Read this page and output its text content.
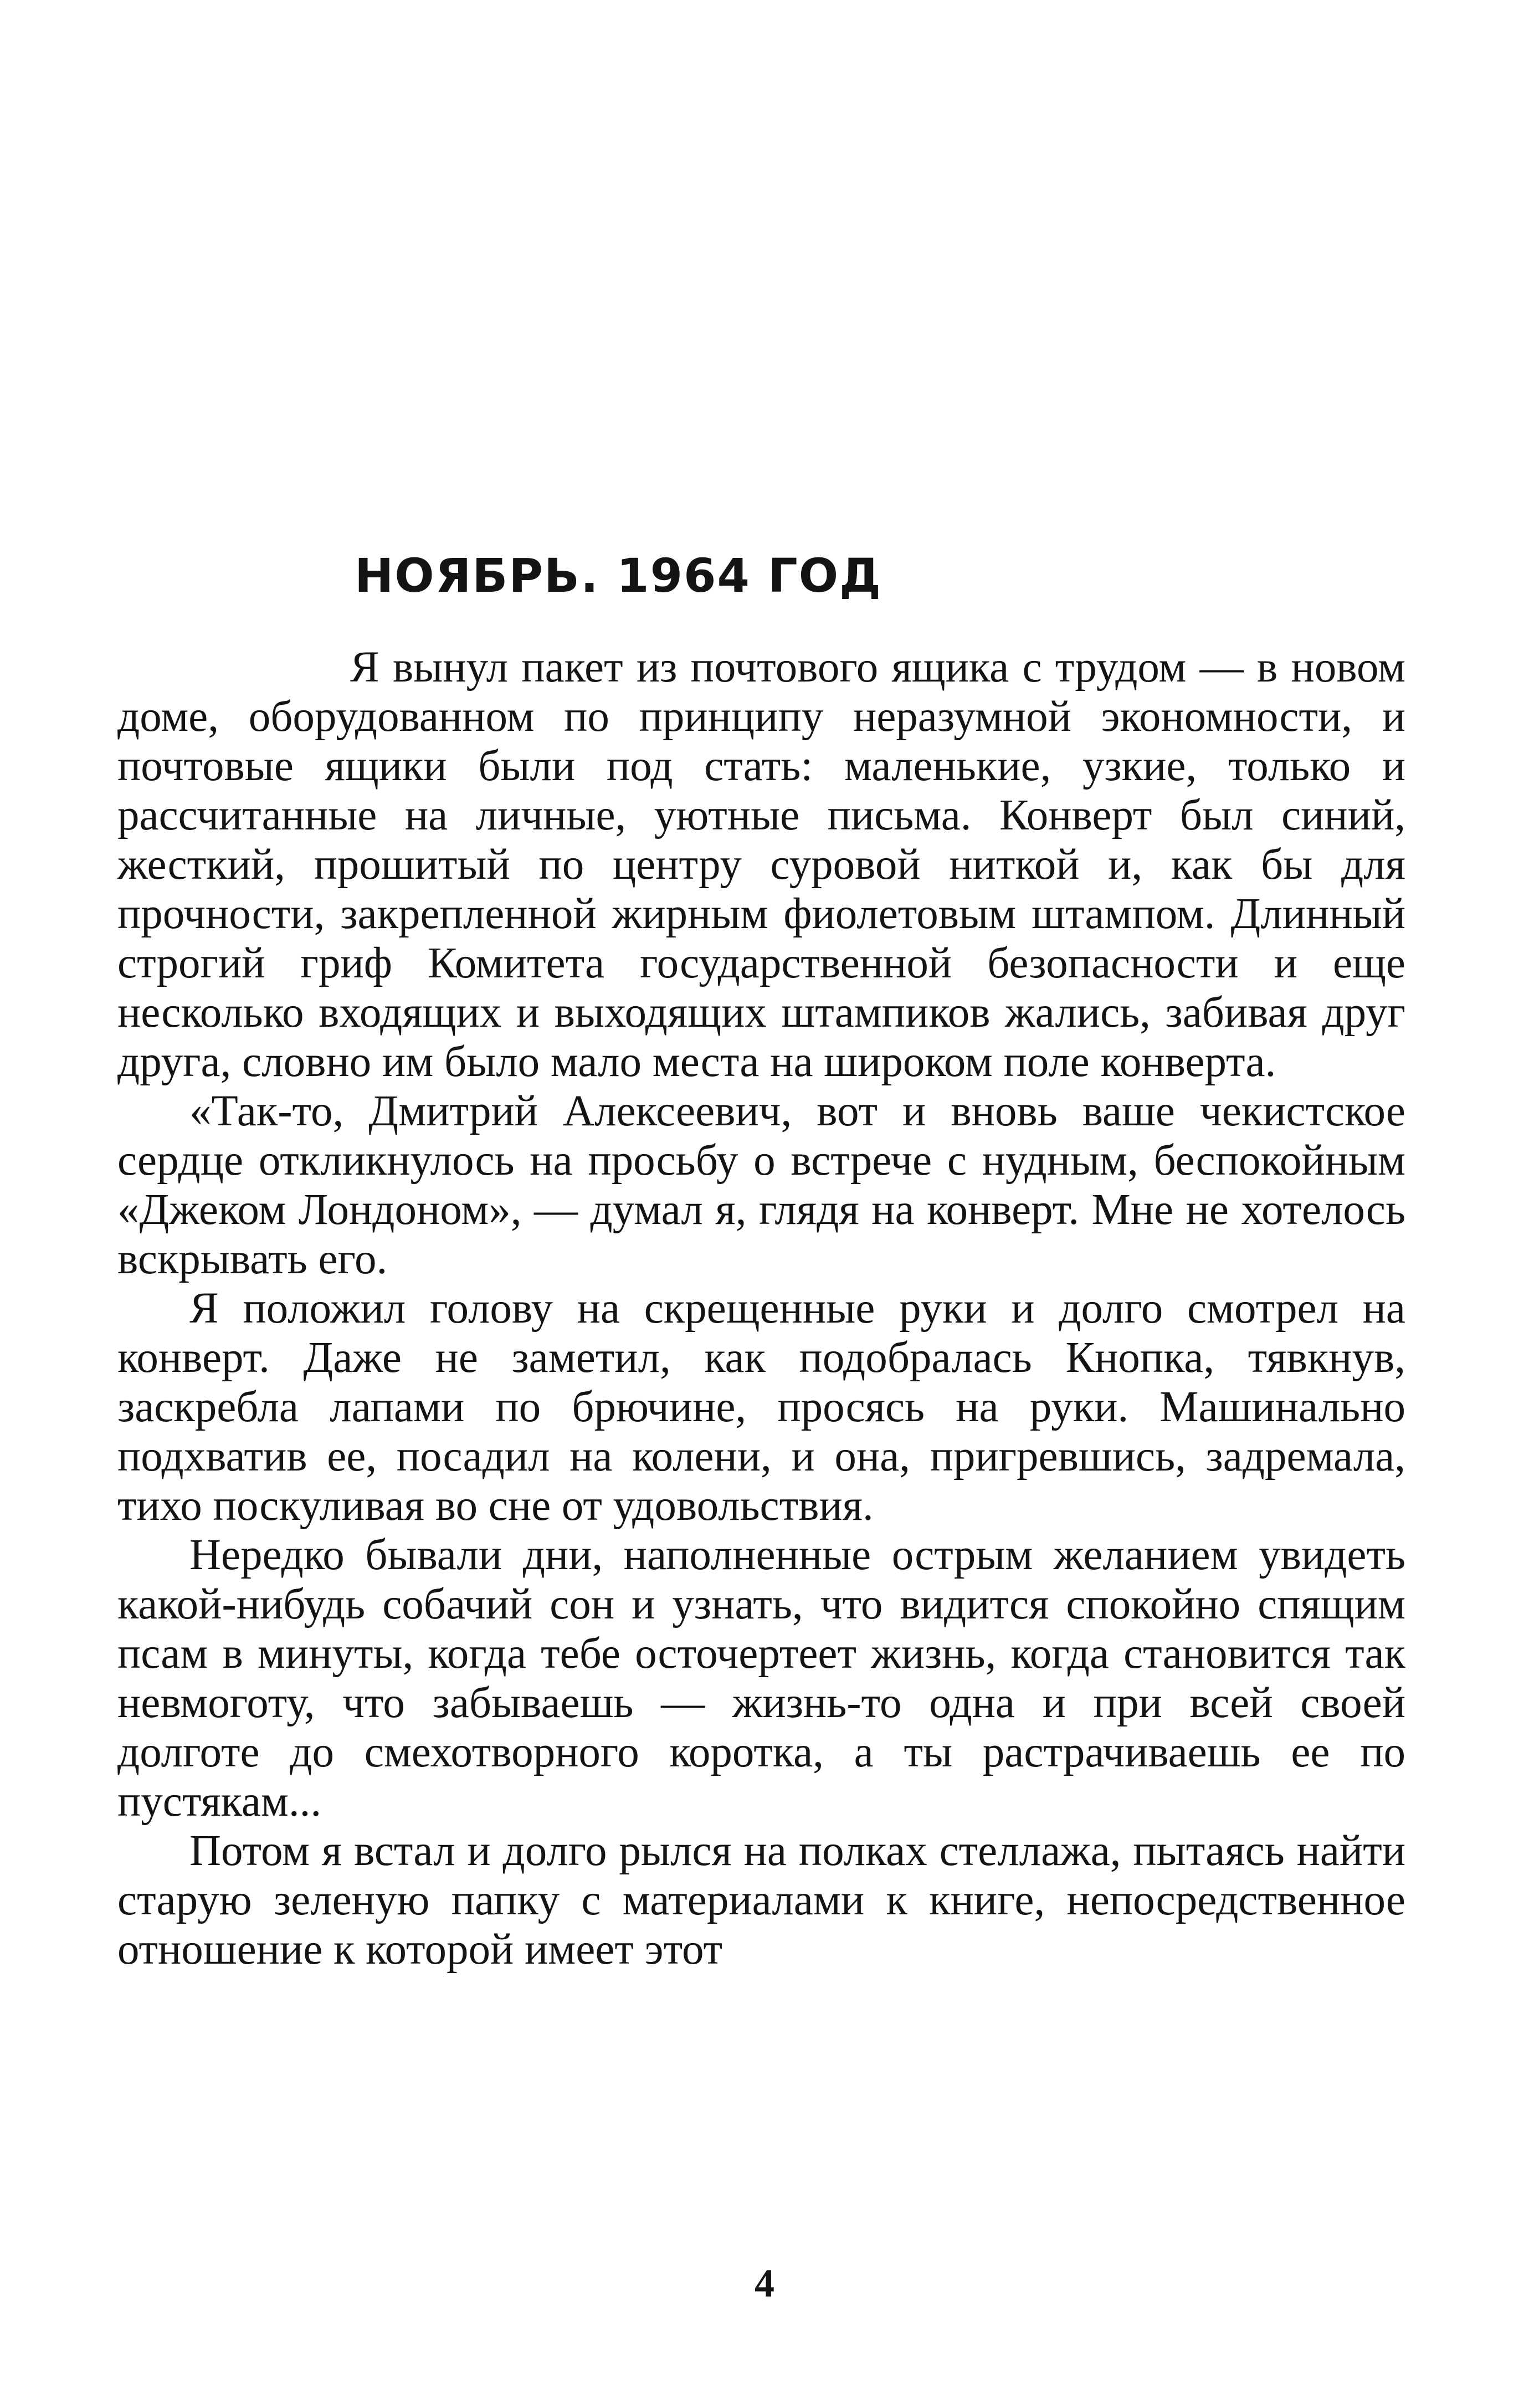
НОЯБРЬ. 1964 ГОД

Я вынул пакет из почтового ящика с трудом — в новом доме, оборудованном по принципу неразумной экономности, и почтовые ящики были под стать: маленькие, узкие, только и рассчитанные на личные, уютные письма. Конверт был синий, жесткий, прошитый по центру суровой ниткой и, как бы для прочности, закрепленной жирным фиолетовым штампом. Длинный строгий гриф Комитета государственной безопасности и еще несколько входящих и выходящих штампиков жались, забивая друг друга, словно им было мало места на широком поле конверта.

«Так-то, Дмитрий Алексеевич, вот и вновь ваше чекистское сердце откликнулось на просьбу о встрече с нудным, беспокойным «Джеком Лондоном», — думал я, глядя на конверт. Мне не хотелось вскрывать его.

Я положил голову на скрещенные руки и долго смотрел на конверт. Даже не заметил, как подобралась Кнопка, тявкнув, заскребла лапами по брючине, просясь на руки. Машинально подхватив ее, посадил на колени, и она, пригревшись, задремала, тихо поскуливая во сне от удовольствия.

Нередко бывали дни, наполненные острым желанием увидеть какой-нибудь собачий сон и узнать, что видится спокойно спящим псам в минуты, когда тебе осточертеет жизнь, когда становится так невмоготу, что забываешь — жизнь-то одна и при всей своей долготе до смехотворного коротка, а ты растрачиваешь ее по пустякам...

Потом я встал и долго рылся на полках стеллажа, пытаясь найти старую зеленую папку с материалами к книге, непосредственное отношение к которой имеет этот

4
